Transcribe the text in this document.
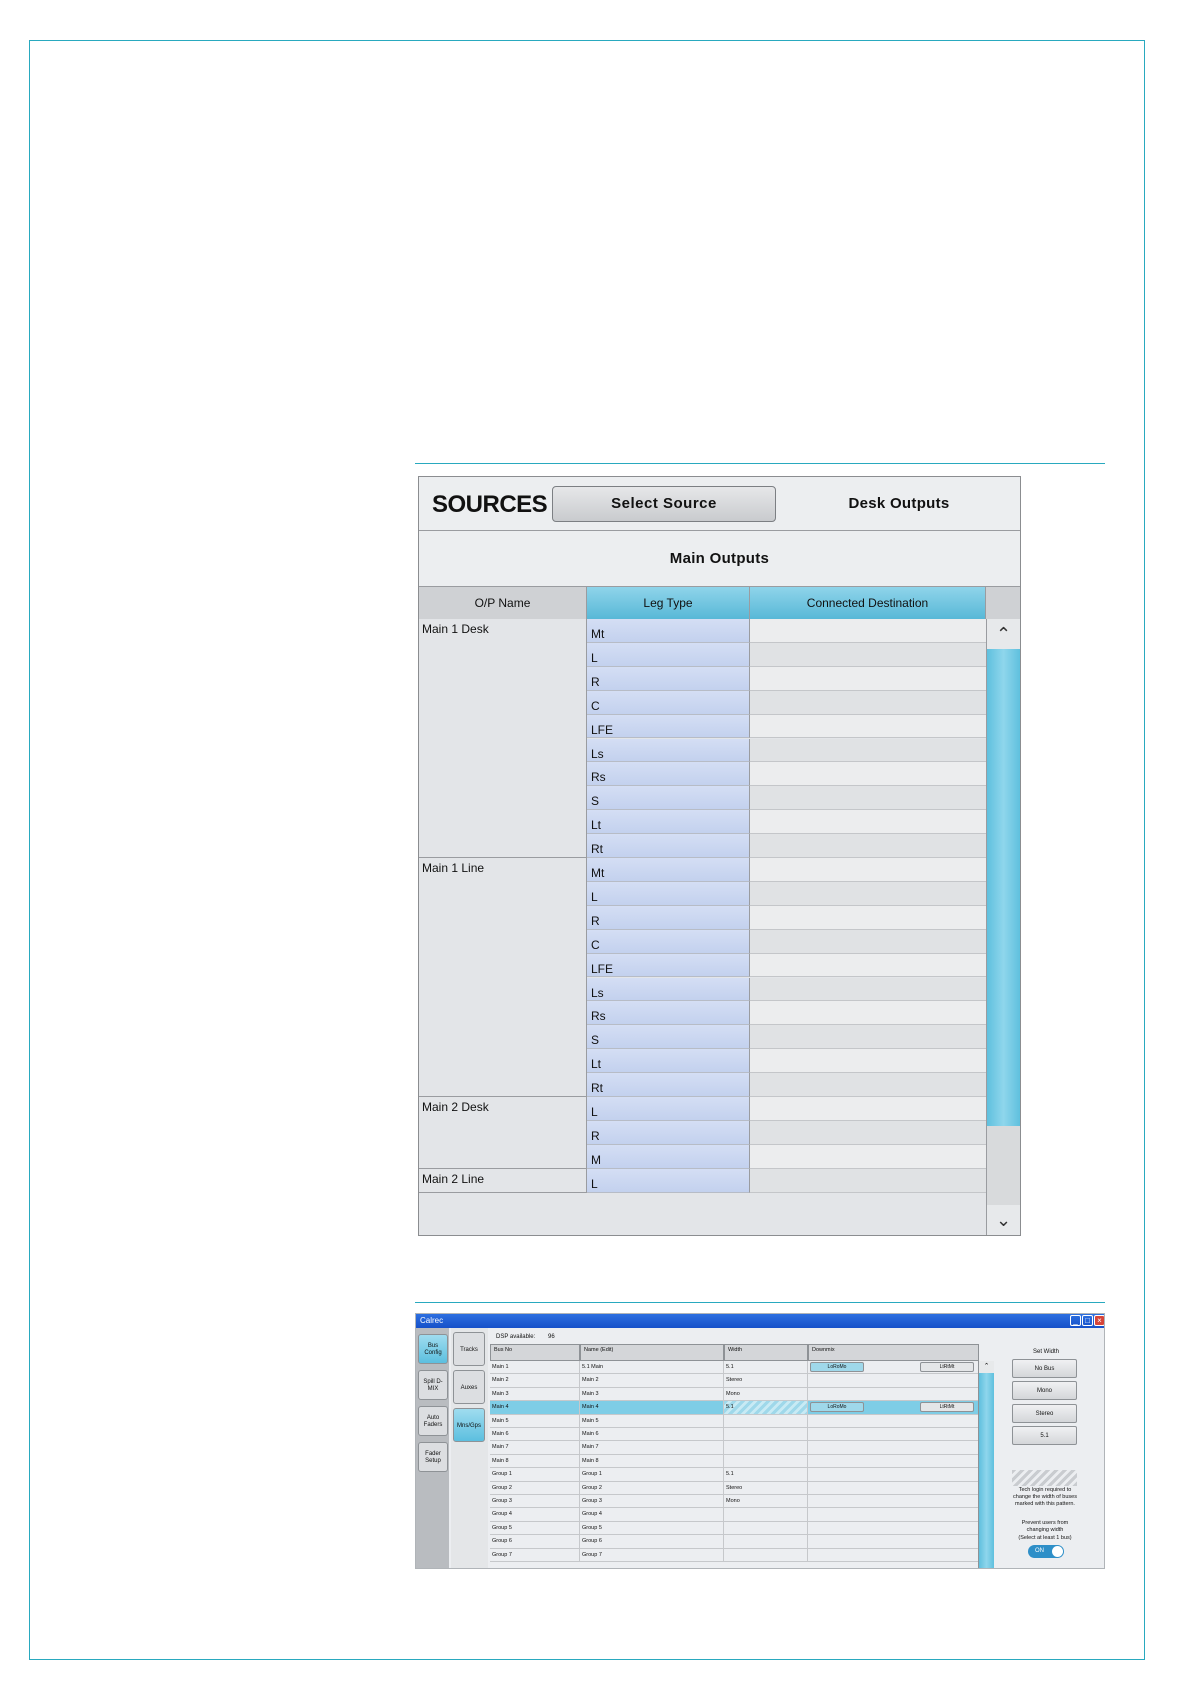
SOURCES	Select Source	Desk Outputs
Main Outputs
O/P Name	Leg Type	Connected Destination
Main 1 Desk	Mt
L
R
C
LFE
Ls
Rs
S
Lt
Rt
Main 1 Line	Mt
L
R
C
LFE
Ls
Rs
S
Lt
Rt
Main 2 Desk	L
R
M
Main 2 Line	L
⌃
⌄
Calrec	_ □ ×
Bus Config
Spill D-MIX
Auto Faders
Fader Setup
Tracks
Auxes
Mns/Gps
DSP available: 96
Bus No	Name (Edit)	Width	Downmix
Main 1	5.1 Main	5.1	LoRoMo	LtRtMt
Main 2	Main 2	Stereo
Main 3	Main 3	Mono
Main 4	Main 4	5.1	LoRoMo	LtRtMt
Main 5	Main 5
Main 6	Main 6
Main 7	Main 7
Main 8	Main 8
Group 1	Group 1	5.1
Group 2	Group 2	Stereo
Group 3	Group 3	Mono
Group 4	Group 4
Group 5	Group 5
Group 6	Group 6
Group 7	Group 7
⌃
Set Width
No Bus
Mono
Stereo
5.1
Tech login required to change the width of buses marked with this pattern.
Prevent users from changing width
(Select at least 1 bus)
ON
